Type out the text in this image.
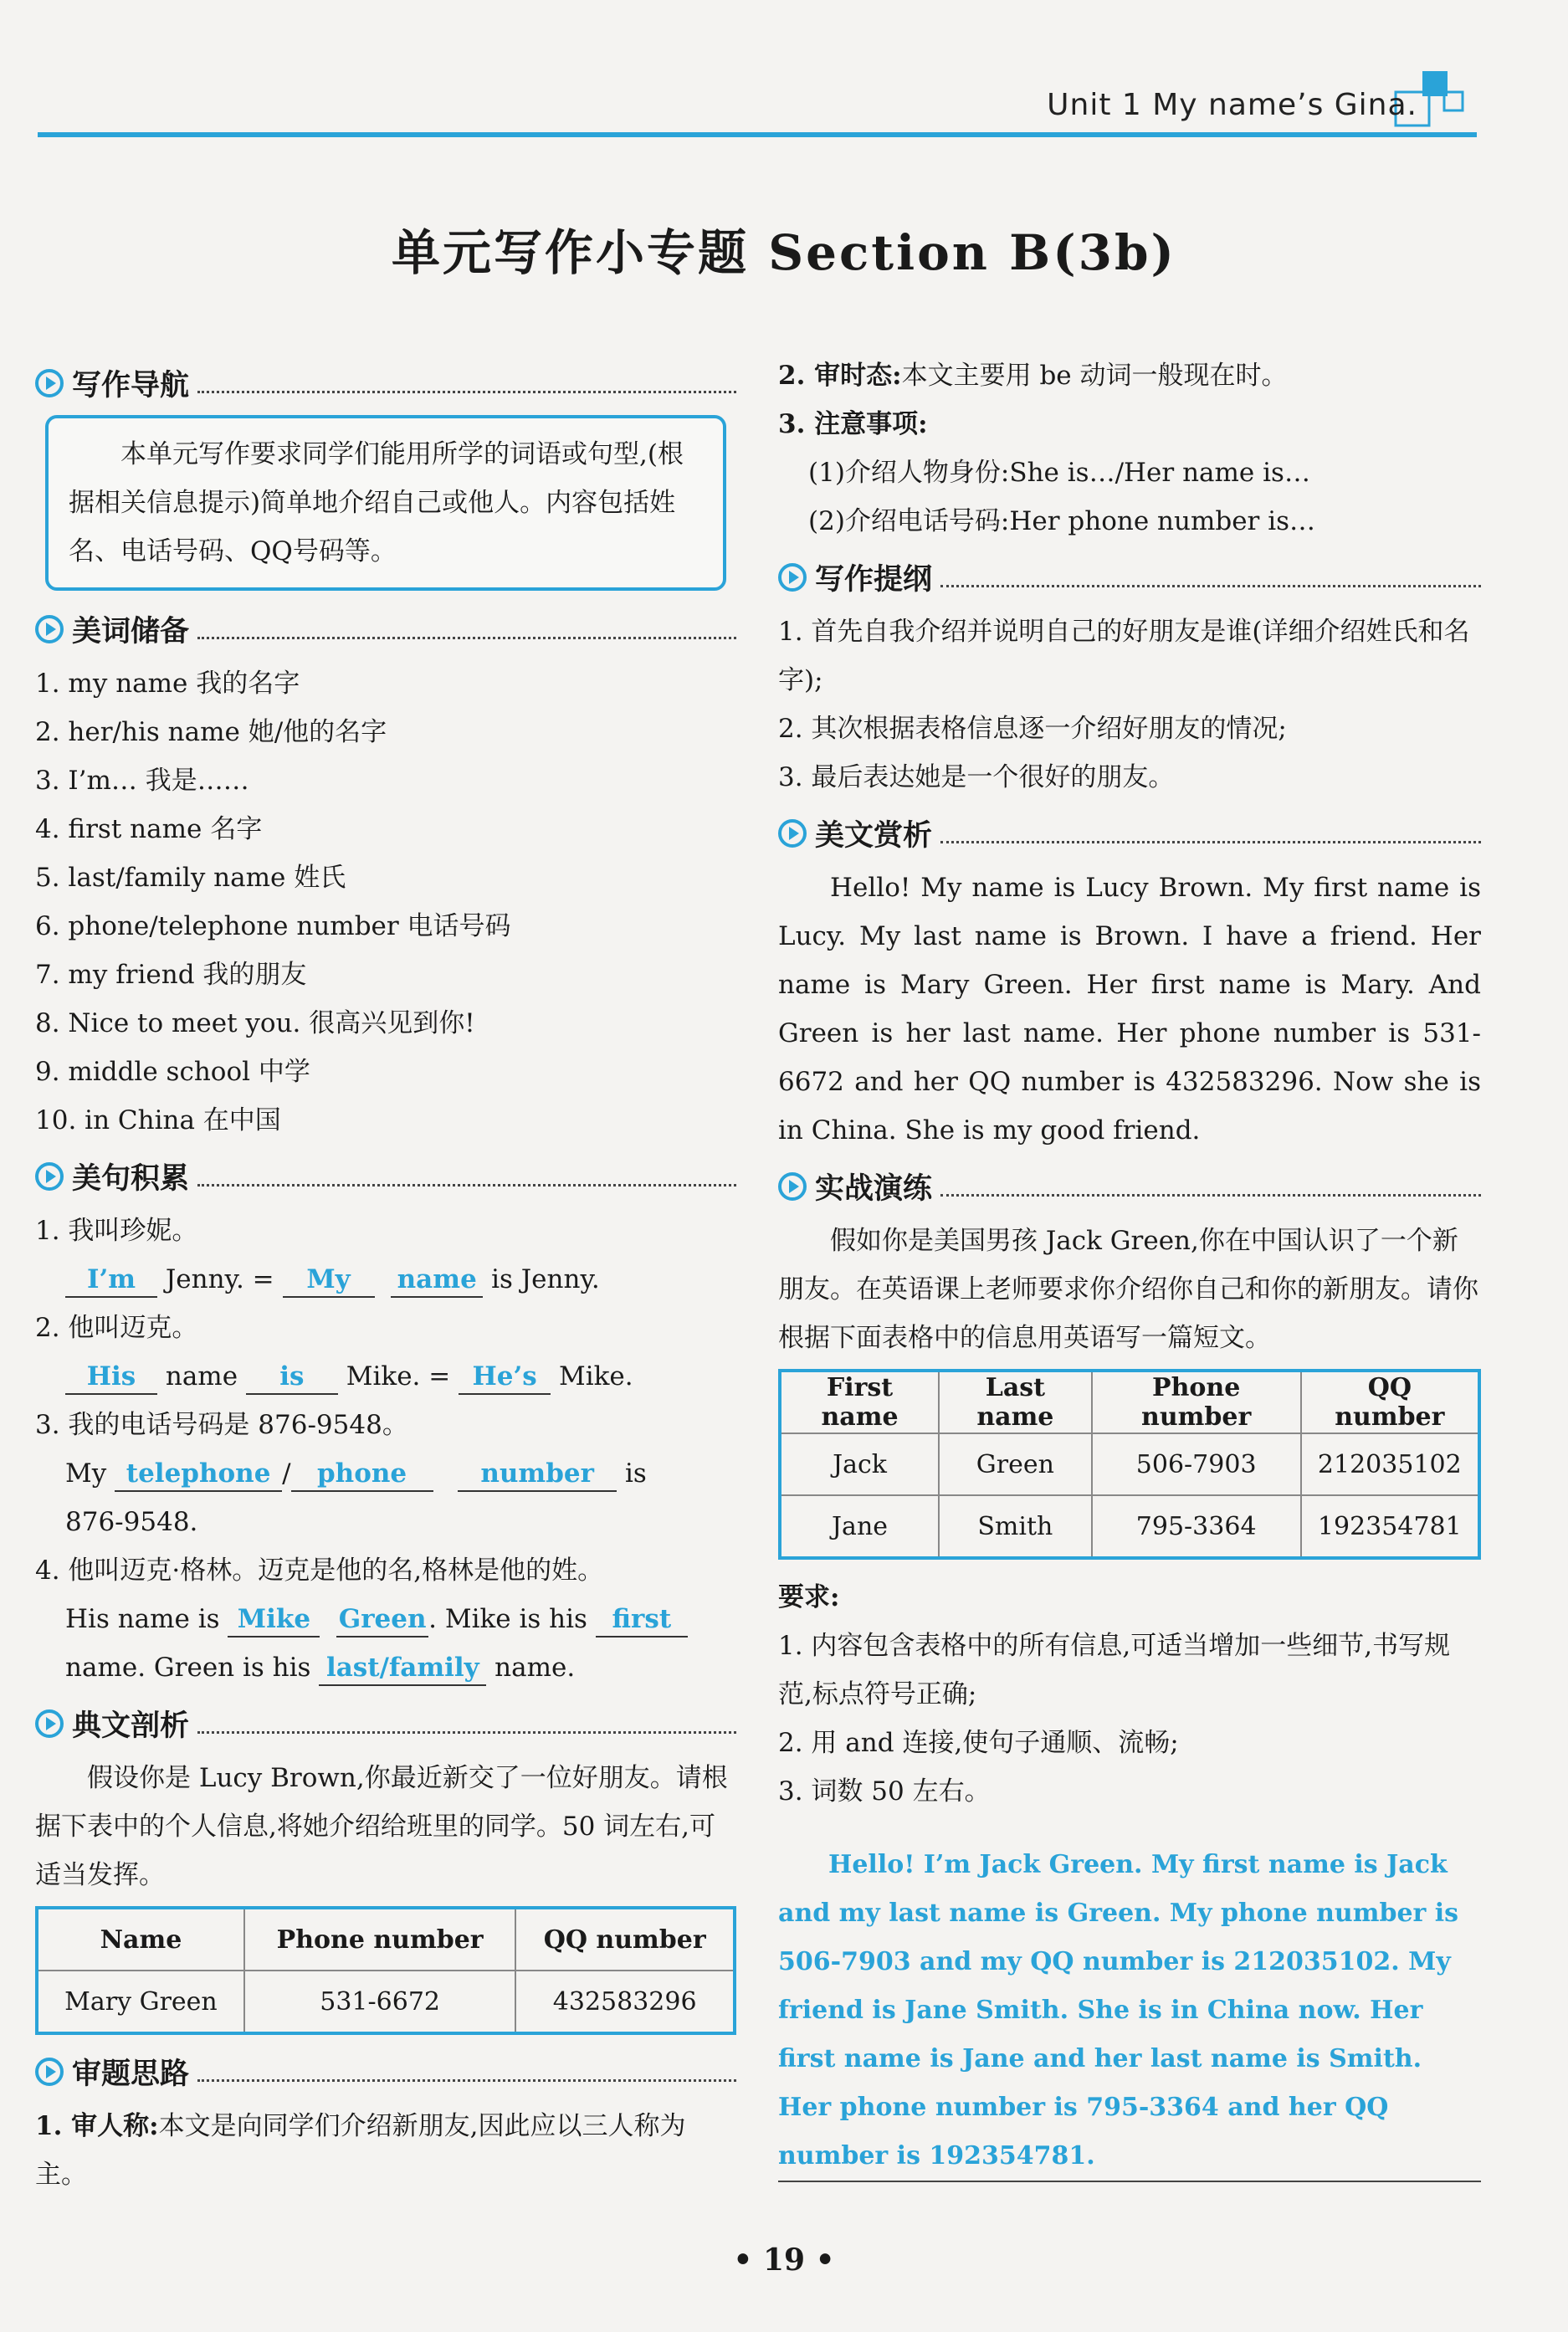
Unit 1 My name’s Gina.
单元写作小专题 Section B(3b)
写作导航
本单元写作要求同学们能用所学的词语或句型,(根据相关信息提示)简单地介绍自己或他人。内容包括姓名、电话号码、QQ号码等。
美词储备

1. my name 我的名字

2. her/his name 她/他的名字

3. I’m… 我是……

4. first name 名字

5. last/family name 姓氏

6. phone/telephone number 电话号码

7. my friend 我的朋友

8. Nice to meet you. 很高兴见到你!

9. middle school 中学

10. in China 在中国

美句积累

1. 我叫珍妮。

I’m Jenny. = My name is Jenny.

2. 他叫迈克。

His name is Mike. = He’s Mike.

3. 我的电话号码是 876-9548。

My telephone / phone	number is

876-9548.

4. 他叫迈克·格林。迈克是他的名,格林是他的姓。

His name is Mike Green. Mike is his first

name. Green is his last/family name.

典文剖析

假设你是 Lucy Brown,你最近新交了一位好朋友。请根据下表中的个人信息,将她介绍给班里的同学。50 词左右,可适当发挥。

Name	Phone number	QQ number
Mary Green	531-6672	432583296
审题思路

1. 审人称:本文是向同学们介绍新朋友,因此应以三人称为主。

2. 审时态:本文主要用 be 动词一般现在时。

3. 注意事项:

(1)介绍人物身份:She is…/Her name is…

(2)介绍电话号码:Her phone number is…

写作提纲

1. 首先自我介绍并说明自己的好朋友是谁(详细介绍姓氏和名字);

2. 其次根据表格信息逐一介绍好朋友的情况;

3. 最后表达她是一个很好的朋友。

美文赏析

Hello! My name is Lucy Brown. My first name is Lucy. My last name is Brown. I have a friend. Her name is Mary Green. Her first name is Mary. And Green is her last name. Her phone number is 531-6672 and her QQ number is 432583296. Now she is in China. She is my good friend.

实战演练

假如你是美国男孩 Jack Green,你在中国认识了一个新朋友。在英语课上老师要求你介绍你自己和你的新朋友。请你根据下面表格中的信息用英语写一篇短文。

First name	Last name	Phone number	QQ number
Jack	Green	506-7903	212035102
Jane	Smith	795-3364	192354781

要求:

1. 内容包含表格中的所有信息,可适当增加一些细节,书写规范,标点符号正确;

2. 用 and 连接,使句子通顺、流畅;

3. 词数 50 左右。

Hello! I’m Jack Green. My first name is Jack and my last name is Green. My phone number is 506-7903 and my QQ number is 212035102. My friend is Jane Smith. She is in China now. Her first name is Jane and her last name is Smith. Her phone number is 795-3364 and her QQ number is 192354781.

• 19 •
